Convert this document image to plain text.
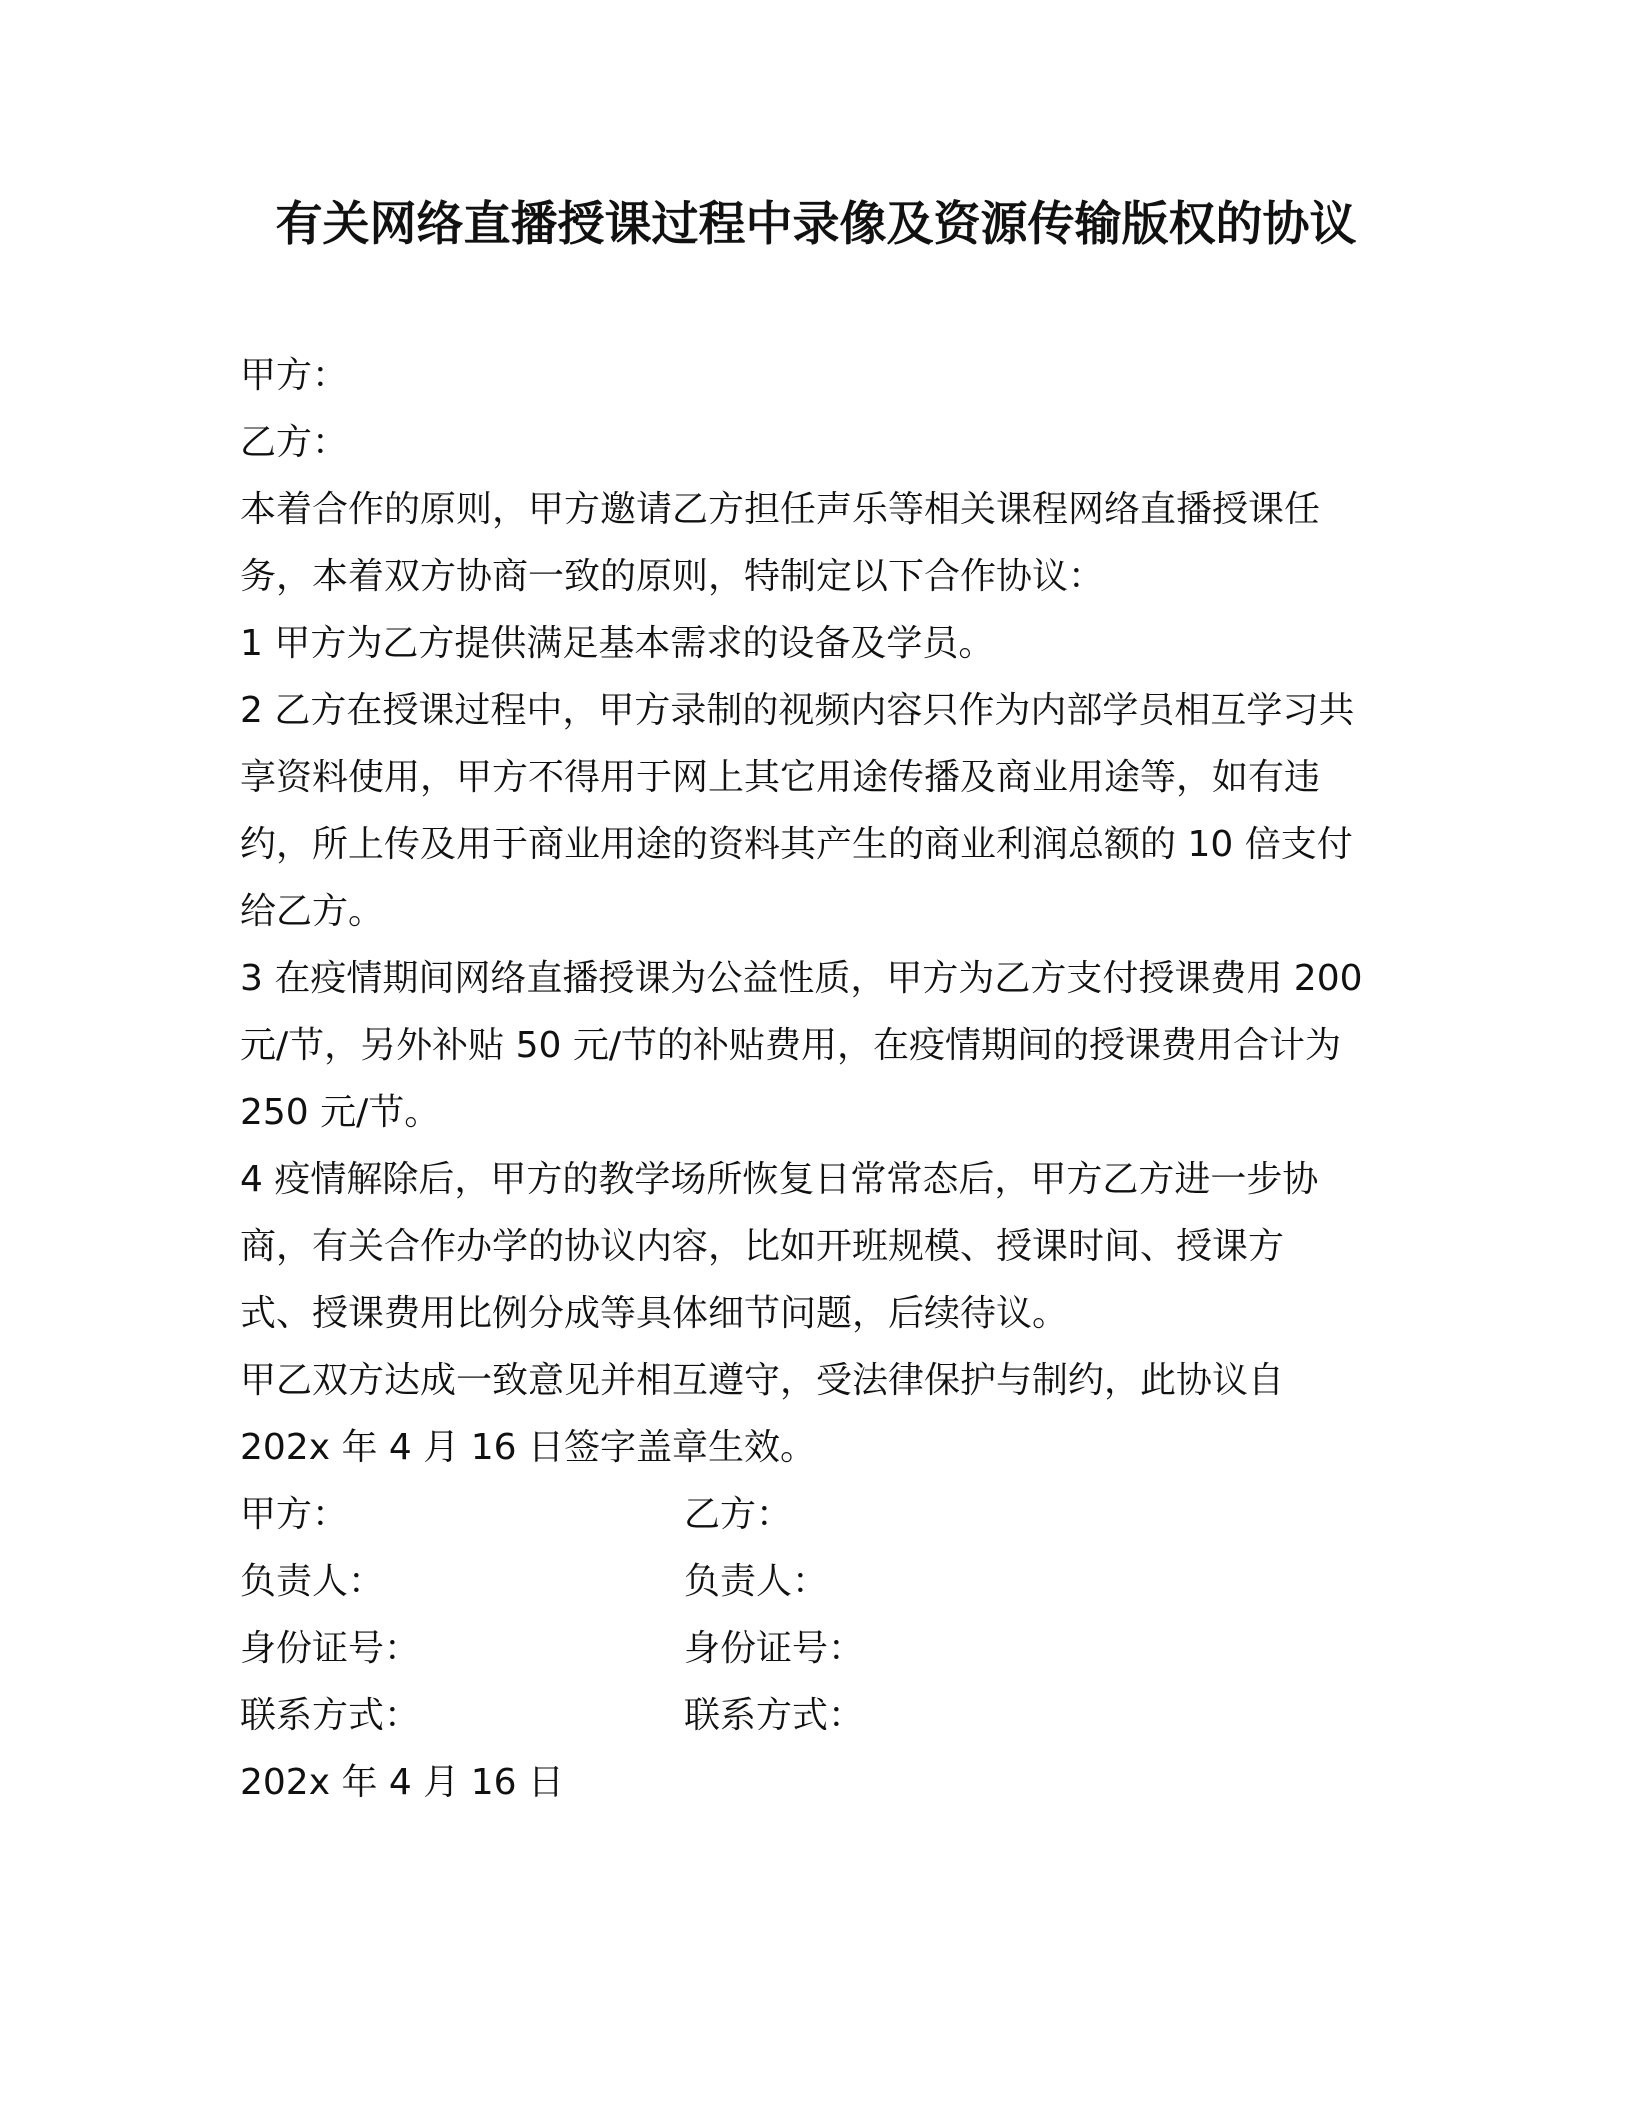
有关网络直播授课过程中录像及资源传输版权的协议
甲方：
乙方：
本着合作的原则，甲方邀请乙方担任声乐等相关课程网络直播授课任
务，本着双方协商一致的原则，特制定以下合作协议：
1 甲方为乙方提供满足基本需求的设备及学员。
2 乙方在授课过程中，甲方录制的视频内容只作为内部学员相互学习共
享资料使用，甲方不得用于网上其它用途传播及商业用途等，如有违
约，所上传及用于商业用途的资料其产生的商业利润总额的 10 倍支付
给乙方。
3 在疫情期间网络直播授课为公益性质，甲方为乙方支付授课费用 200
元/节，另外补贴 50 元/节的补贴费用，在疫情期间的授课费用合计为
250 元/节。
4 疫情解除后，甲方的教学场所恢复日常常态后，甲方乙方进一步协
商，有关合作办学的协议内容，比如开班规模、授课时间、授课方
式、授课费用比例分成等具体细节问题，后续待议。
甲乙双方达成一致意见并相互遵守，受法律保护与制约，此协议自
202x 年 4 月 16 日签字盖章生效。
甲方：	乙方：
负责人：	负责人：
身份证号：	身份证号：
联系方式：	联系方式：
202x 年 4 月 16 日
